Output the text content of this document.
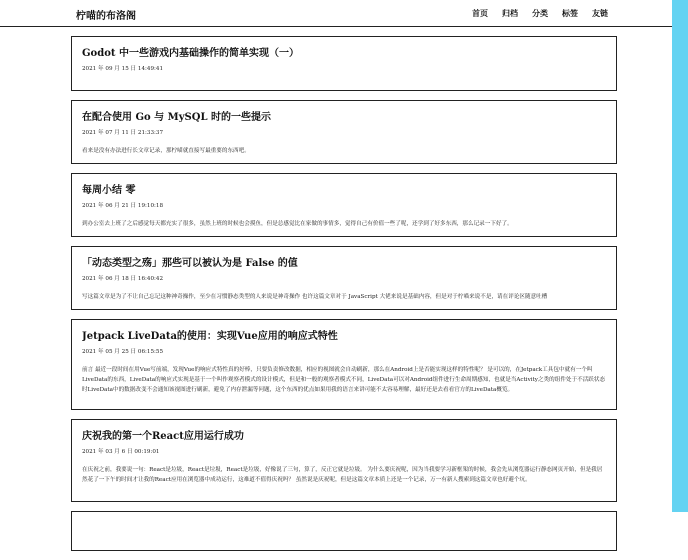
柠喵的布洛阁	首页 归档 分类 标签 友链
Godot 中一些游戏内基础操作的简单实现（一）
2021 年 09 月 15 日 14:49:41
在配合使用 Go 与 MySQL 时的一些提示
2021 年 07 月 11 日 21:33:37
看来是没有办法进行长文章记录，那柠喵就直接写最重要的东西吧。
每周小结 零
2021 年 06 月 21 日 19:10:18
到办公室去上班了之后感觉每天都充实了很多，虽然上班的时候也会摸鱼，但是总感觉比在家做的事情多，觉得自己有价值一些了呢，还学到了好多东西，那么记录一下好了。
「动态类型之殇」那些可以被认为是 False 的值
2021 年 06 月 18 日 16:40:42
写这篇文章是为了不让自己忘记这种神奇操作，至少在习惯静态类型的人来说是神奇操作 也许这篇文章对于 JavaScript 大佬来说是基础内容，但是对于柠喵来说不是，请在评论区随意吐槽
Jetpack LiveData的使用：实现Vue应用的响应式特性
2021 年 05 月 25 日 06:15:55
前言 最近一段时间在用Vue写前端，发现Vue的响应式特性真的好棒，只要负责修改数据，相应的视图就会自动刷新，那么在Android上是否能实现这样的特性呢？ 是可以的，在Jetpack工具包中就有一个叫LiveData的东西，LiveData的响应式实现是基于一个叫作观察者模式的设计模式，但是和一般的观察者模式不同，LiveData可以对Android组件进行生命周期感知，也就是当Activity之类的组件处于不活跃状态时LiveData中的数据改变不会通知该视图进行刷新，避免了内存泄漏等问题，这个东西的优点如果用我的语言来讲可能不太容易理解，最好还是去看看官方的LiveData概览。
庆祝我的第一个React应用运行成功
2021 年 03 月 6 日 00:19:01
在庆祝之前，我要说一句：React是垃圾，React是垃圾，React是垃圾，好像说了三句，算了，反正它就是垃圾。 为什么要庆祝呢，因为当我要学习新框架的时候，我会先从浏览器运行静态网页开始，但是我居然花了一下午的时间才让我的React应用在浏览器中成功运行，这难道不值得庆祝吗？ 虽然说是庆祝呢，但是这篇文章本质上还是一个记录，万一有新人搜索到这篇文章也好避个坑。
